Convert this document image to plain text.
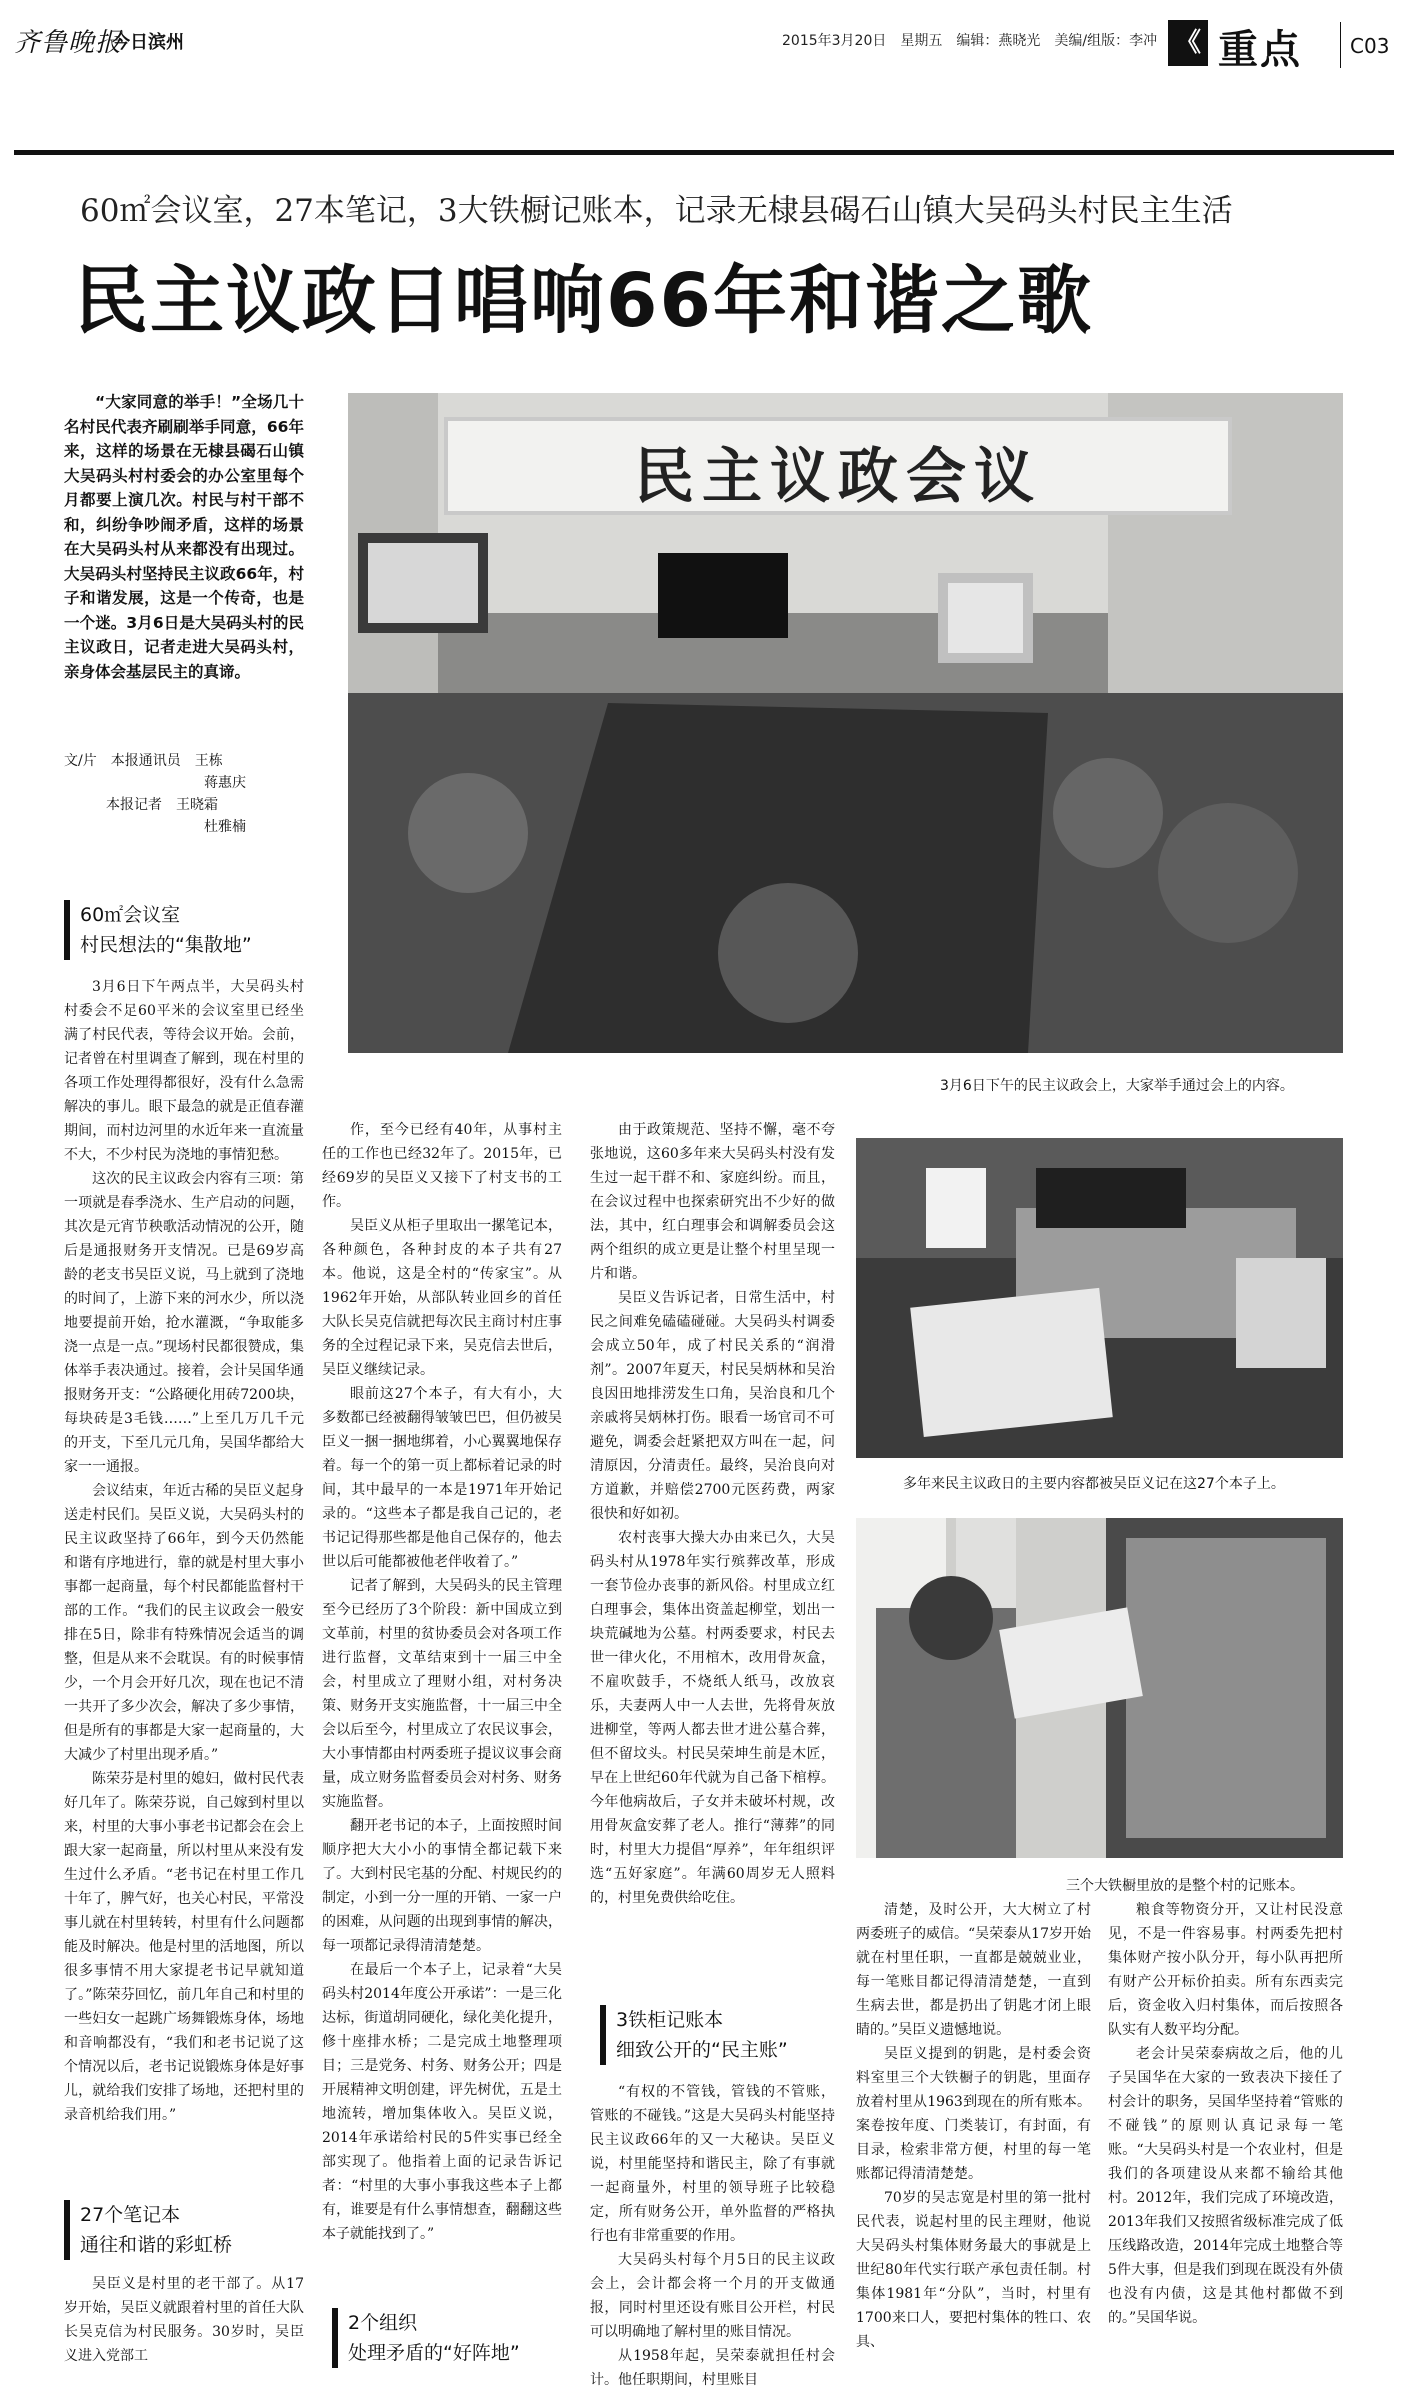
齐鲁晚报
今日滨州	2015年3月20日　星期五　编辑：燕晓光　美编/组版：李冲 《 重点 C03
60㎡会议室，27本笔记，3大铁橱记账本，记录无棣县碣石山镇大吴码头村民主生活
民主议政日唱响66年和谐之歌

“大家同意的举手！”全场几十名村民代表齐刷刷举手同意，66年来，这样的场景在无棣县碣石山镇大吴码头村村委会的办公室里每个月都要上演几次。村民与村干部不和，纠纷争吵闹矛盾，这样的场景在大吴码头村从来都没有出现过。大吴码头村坚持民主议政66年，村子和谐发展，这是一个传奇，也是一个迷。3月6日是大吴码头村的民主议政日，记者走进大吴码头村，亲身体会基层民主的真谛。

文/片　本报通讯员　王栋
　　　　　　　　　　蒋惠庆
　　　本报记者　王晓霜
　　　　　　　　　　杜雅楠
民主议政会议
3月6日下午的民主议政会上，大家举手通过会上的内容。
多年来民主议政日的主要内容都被吴臣义记在这27个本子上。
三个大铁橱里放的是整个村的记账本。
60㎡会议室
村民想法的“集散地”

3月6日下午两点半，大吴码头村村委会不足60平米的会议室里已经坐满了村民代表，等待会议开始。会前，记者曾在村里调查了解到，现在村里的各项工作处理得都很好，没有什么急需解决的事儿。眼下最急的就是正值春灌期间，而村边河里的水近年来一直流量不大，不少村民为浇地的事情犯愁。

这次的民主议政会内容有三项：第一项就是春季浇水、生产启动的问题，其次是元宵节秧歌活动情况的公开，随后是通报财务开支情况。已是69岁高龄的老支书吴臣义说，马上就到了浇地的时间了，上游下来的河水少，所以浇地要提前开始，抢水灌溉，“争取能多浇一点是一点。”现场村民都很赞成，集体举手表决通过。接着，会计吴国华通报财务开支：“公路硬化用砖7200块，每块砖是3毛钱……”上至几万几千元的开支，下至几元几角，吴国华都给大家一一通报。

会议结束，年近古稀的吴臣义起身送走村民们。吴臣义说，大吴码头村的民主议政坚持了66年，到今天仍然能和谐有序地进行，靠的就是村里大事小事都一起商量，每个村民都能监督村干部的工作。“我们的民主议政会一般安排在5日，除非有特殊情况会适当的调整，但是从来不会耽误。有的时候事情少，一个月会开好几次，现在也记不清一共开了多少次会，解决了多少事情，但是所有的事都是大家一起商量的，大大减少了村里出现矛盾。”

陈荣芬是村里的媳妇，做村民代表好几年了。陈荣芬说，自己嫁到村里以来，村里的大事小事老书记都会在会上跟大家一起商量，所以村里从来没有发生过什么矛盾。“老书记在村里工作几十年了，脾气好，也关心村民，平常没事儿就在村里转转，村里有什么问题都能及时解决。他是村里的活地图，所以很多事情不用大家提老书记早就知道了。”陈荣芬回忆，前几年自己和村里的一些妇女一起跳广场舞锻炼身体，场地和音响都没有，“我们和老书记说了这个情况以后，老书记说锻炼身体是好事儿，就给我们安排了场地，还把村里的录音机给我们用。”

27个笔记本
通往和谐的彩虹桥

吴臣义是村里的老干部了。从17岁开始，吴臣义就跟着村里的首任大队长吴克信为村民服务。30岁时，吴臣义进入党部工

作，至今已经有40年，从事村主任的工作也已经32年了。2015年，已经69岁的吴臣义又接下了村支书的工作。

吴臣义从柜子里取出一摞笔记本，各种颜色，各种封皮的本子共有27本。他说，这是全村的“传家宝”。从1962年开始，从部队转业回乡的首任大队长吴克信就把每次民主商讨村庄事务的全过程记录下来，吴克信去世后，吴臣义继续记录。

眼前这27个本子，有大有小，大多数都已经被翻得皱皱巴巴，但仍被吴臣义一捆一捆地绑着，小心翼翼地保存着。每一个的第一页上都标着记录的时间，其中最早的一本是1971年开始记录的。“这些本子都是我自己记的，老书记记得那些都是他自己保存的，他去世以后可能都被他老伴收着了。”

记者了解到，大吴码头的民主管理至今已经历了3个阶段：新中国成立到文革前，村里的贫协委员会对各项工作进行监督，文革结束到十一届三中全会，村里成立了理财小组，对村务决策、财务开支实施监督，十一届三中全会以后至今，村里成立了农民议事会，大小事情都由村两委班子提议议事会商量，成立财务监督委员会对村务、财务实施监督。

翻开老书记的本子，上面按照时间顺序把大大小小的事情全都记载下来了。大到村民宅基的分配、村规民约的制定，小到一分一厘的开销、一家一户的困难，从问题的出现到事情的解决，每一项都记录得清清楚楚。

在最后一个本子上，记录着“大吴码头村2014年度公开承诺”：一是三化达标，街道胡同硬化，绿化美化提升，修十座排水桥；二是完成土地整理项目；三是党务、村务、财务公开；四是开展精神文明创建，评先树优，五是土地流转，增加集体收入。吴臣义说，2014年承诺给村民的5件实事已经全部实现了。他指着上面的记录告诉记者：“村里的大事小事我这些本子上都有，谁要是有什么事情想查，翻翻这些本子就能找到了。”

2个组织
处理矛盾的“好阵地”

由于政策规范、坚持不懈，毫不夸张地说，这60多年来大吴码头村没有发生过一起干群不和、家庭纠纷。而且，在会议过程中也探索研究出不少好的做法，其中，红白理事会和调解委员会这两个组织的成立更是让整个村里呈现一片和谐。

吴臣义告诉记者，日常生活中，村民之间难免磕磕碰碰。大吴码头村调委会成立50年，成了村民关系的“润滑剂”。2007年夏天，村民吴炳林和吴治良因田地排涝发生口角，吴治良和几个亲戚将吴炳林打伤。眼看一场官司不可避免，调委会赶紧把双方叫在一起，问清原因，分清责任。最终，吴治良向对方道歉，并赔偿2700元医药费，两家很快和好如初。

农村丧事大操大办由来已久，大吴码头村从1978年实行殡葬改革，形成一套节俭办丧事的新风俗。村里成立红白理事会，集体出资盖起柳堂，划出一块荒碱地为公墓。村两委要求，村民去世一律火化，不用棺木，改用骨灰盒，不雇吹鼓手，不烧纸人纸马，改放哀乐，夫妻两人中一人去世，先将骨灰放进柳堂，等两人都去世才进公墓合葬，但不留坟头。村民吴荣坤生前是木匠，早在上世纪60年代就为自己备下棺椁。今年他病故后，子女并未破坏村规，改用骨灰盒安葬了老人。推行“薄葬”的同时，村里大力提倡“厚养”，年年组织评选“五好家庭”。年满60周岁无人照料的，村里免费供给吃住。

3铁柜记账本
细致公开的“民主账”

“有权的不管钱，管钱的不管账，管账的不碰钱。”这是大吴码头村能坚持民主议政66年的又一大秘诀。吴臣义说，村里能坚持和谐民主，除了有事就一起商量外，村里的领导班子比较稳定，所有财务公开，单外监督的严格执行也有非常重要的作用。

大吴码头村每个月5日的民主议政会上，会计都会将一个月的开支做通报，同时村里还设有账目公开栏，村民可以明确地了解村里的账目情况。

从1958年起，吴荣泰就担任村会计。他任职期间，村里账目

清楚，及时公开，大大树立了村两委班子的威信。“吴荣泰从17岁开始就在村里任职，一直都是兢兢业业，每一笔账目都记得清清楚楚，一直到生病去世，都是扔出了钥匙才闭上眼睛的。”吴臣义遗憾地说。

吴臣义提到的钥匙，是村委会资料室里三个大铁橱子的钥匙，里面存放着村里从1963到现在的所有账本。案卷按年度、门类装订，有封面，有目录，检索非常方便，村里的每一笔账都记得清清楚楚。

70岁的吴志宽是村里的第一批村民代表，说起村里的民主理财，他说大吴码头村集体财务最大的事就是上世纪80年代实行联产承包责任制。村集体1981年“分队”，当时，村里有1700来口人，要把村集体的牲口、农具、

粮食等物资分开，又让村民没意见，不是一件容易事。村两委先把村集体财产按小队分开，每小队再把所有财产公开标价拍卖。所有东西卖完后，资金收入归村集体，而后按照各队实有人数平均分配。

老会计吴荣泰病故之后，他的儿子吴国华在大家的一致表决下接任了村会计的职务，吴国华坚持着“管账的不碰钱”的原则认真记录每一笔账。“大吴码头村是一个农业村，但是我们的各项建设从来都不输给其他村。2012年，我们完成了环境改造，2013年我们又按照省级标准完成了低压线路改造，2014年完成土地整合等5件大事，但是我们到现在既没有外债也没有内债，这是其他村都做不到的。”吴国华说。
